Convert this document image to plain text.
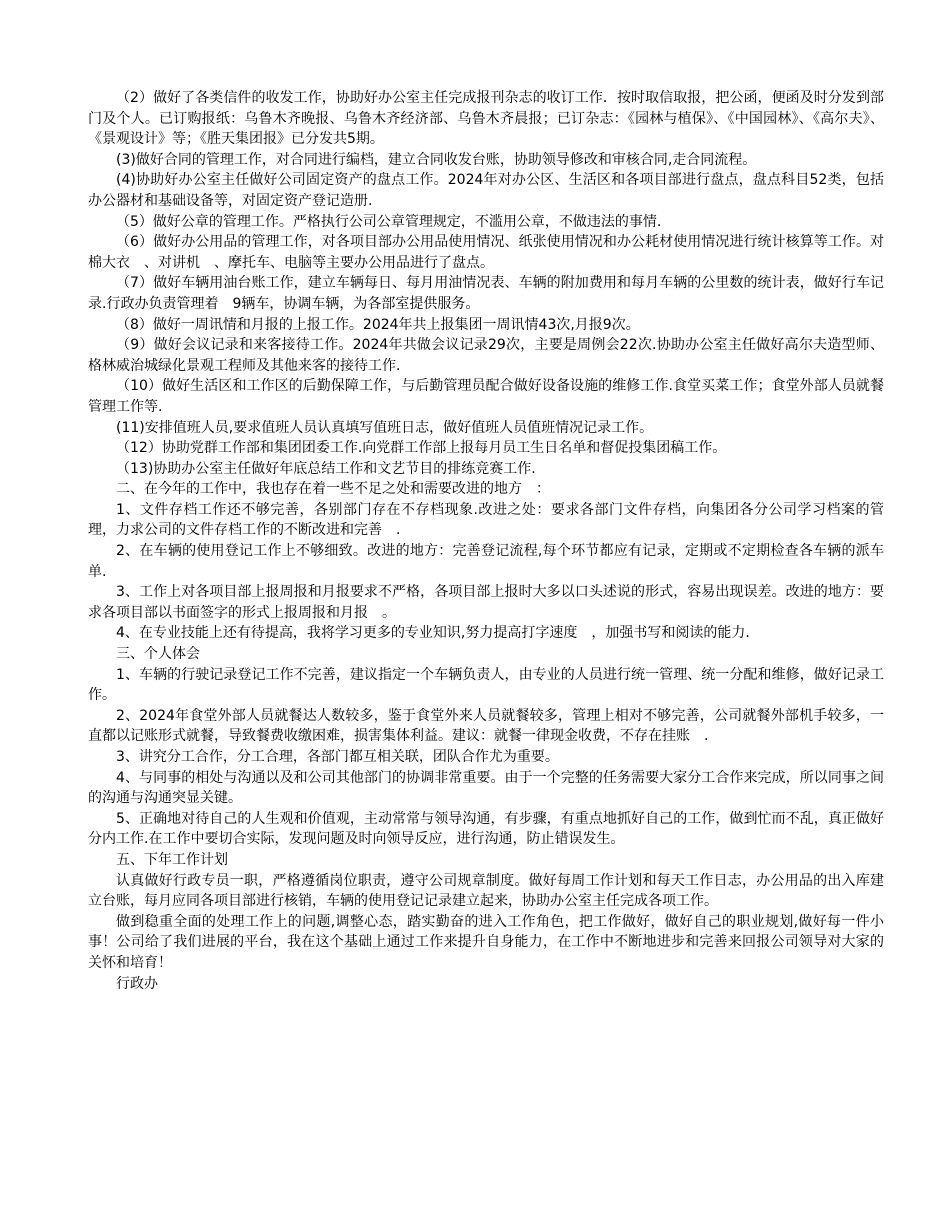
（2）做好了各类信件的收发工作，协助好办公室主任完成报刊杂志的收订工作．按时取信取报，把公函，便函及时分发到部门及个人。已订购报纸：乌鲁木齐晚报、乌鲁木齐经济部、乌鲁木齐晨报；已订杂志：《园林与植保》、《中国园林》、《高尔夫》、《景观设计》等；《胜天集团报》已分发共5期。

(3)做好合同的管理工作，对合同进行编档，建立合同收发台账，协助领导修改和审核合同,走合同流程。

(4)协助好办公室主任做好公司固定资产的盘点工作。2024年对办公区、生活区和各项目部进行盘点，盘点科目52类，包括办公器材和基础设备等，对固定资产登记造册.

（5）做好公章的管理工作。严格执行公司公章管理规定，不滥用公章，不做违法的事情.

（6）做好办公用品的管理工作，对各项目部办公用品使用情况、纸张使用情况和办公耗材使用情况进行统计核算等工作。对棉大衣　、对讲机　、摩托车、电脑等主要办公用品进行了盘点。

（7）做好车辆用油台账工作，建立车辆每日、每月用油情况表、车辆的附加费用和每月车辆的公里数的统计表，做好行车记录.行政办负责管理着　9辆车，协调车辆，为各部室提供服务。

（8）做好一周讯情和月报的上报工作。2024年共上报集团一周讯情43次,月报9次。

（9）做好会议记录和来客接待工作。2024年共做会议记录29次，主要是周例会22次.协助办公室主任做好高尔夫造型师、格林威治城绿化景观工程师及其他来客的接待工作.

（10）做好生活区和工作区的后勤保障工作，与后勤管理员配合做好设备设施的维修工作.食堂买菜工作；食堂外部人员就餐管理工作等.

(11)安排值班人员,要求值班人员认真填写值班日志，做好值班人员值班情况记录工作。

（12）协助党群工作部和集团团委工作.向党群工作部上报每月员工生日名单和督促投集团稿工作。

（13)协助办公室主任做好年底总结工作和文艺节目的排练竞赛工作.

二、在今年的工作中，我也存在着一些不足之处和需要改进的地方　：

1、文件存档工作还不够完善，各别部门存在不存档现象.改进之处：要求各部门文件存档，向集团各分公司学习档案的管理，力求公司的文件存档工作的不断改进和完善　.

2、在车辆的使用登记工作上不够细致。改进的地方：完善登记流程,每个环节都应有记录，定期或不定期检查各车辆的派车单.

3、工作上对各项目部上报周报和月报要求不严格，各项目部上报时大多以口头述说的形式，容易出现误差。改进的地方：要求各项目部以书面签字的形式上报周报和月报　。

4、在专业技能上还有待提高，我将学习更多的专业知识,努力提高打字速度　，加强书写和阅读的能力.

三、个人体会

1、车辆的行驶记录登记工作不完善，建议指定一个车辆负责人，由专业的人员进行统一管理、统一分配和维修，做好记录工作。

2、2024年食堂外部人员就餐达人数较多，鉴于食堂外来人员就餐较多，管理上相对不够完善，公司就餐外部机手较多，一直都以记账形式就餐，导致餐费收缴困难，损害集体利益。建议：就餐一律现金收费，不存在挂账　.

3、讲究分工合作，分工合理，各部门都互相关联，团队合作尤为重要。

4、与同事的相处与沟通以及和公司其他部门的协调非常重要。由于一个完整的任务需要大家分工合作来完成，所以同事之间的沟通与沟通突显关键。

5、正确地对待自己的人生观和价值观，主动常常与领导沟通，有步骤，有重点地抓好自己的工作，做到忙而不乱，真正做好分内工作.在工作中要切合实际，发现问题及时向领导反应，进行沟通，防止错误发生。

五、下年工作计划

认真做好行政专员一职，严格遵循岗位职责，遵守公司规章制度。做好每周工作计划和每天工作日志，办公用品的出入库建立台账，每月应同各项目部进行核销，车辆的使用登记记录建立起来，协助办公室主任完成各项工作。

做到稳重全面的处理工作上的问题,调整心态，踏实勤奋的进入工作角色，把工作做好，做好自己的职业规划,做好每一件小事！公司给了我们进展的平台，我在这个基础上通过工作来提升自身能力，在工作中不断地进步和完善来回报公司领导对大家的关怀和培育！

行政办
